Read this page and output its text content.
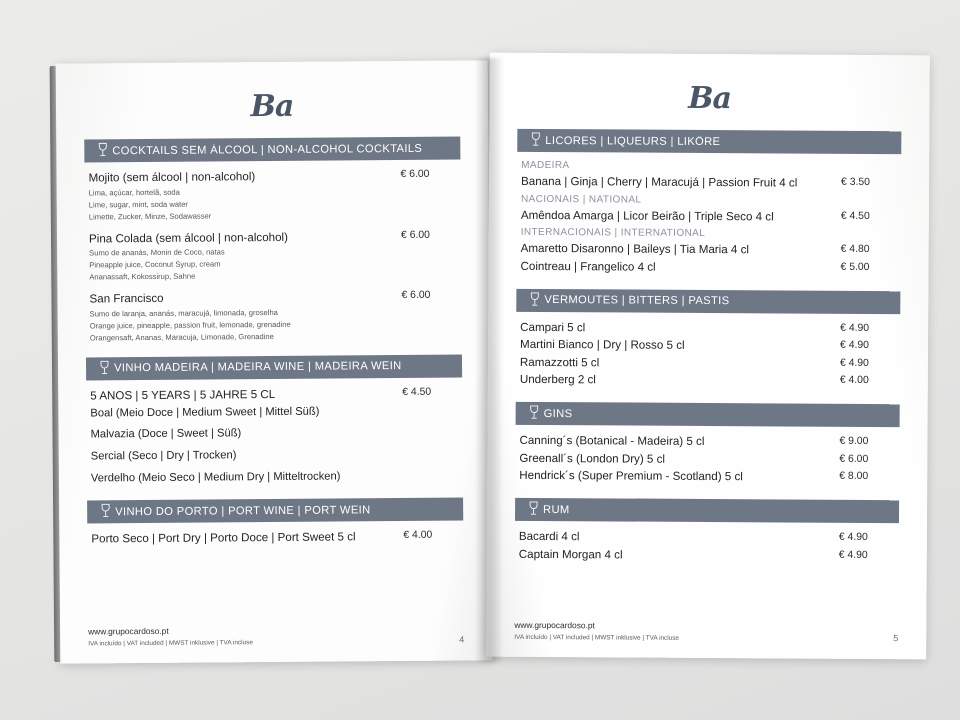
Ba
COCKTAILS SEM ÁLCOOL | NON-ALCOHOL COCKTAILS
Mojito (sem álcool | non-alcohol)
Lima, açúcar, hortelã, soda
Lime, sugar, mint, soda water
Limette, Zucker, Minze, Sodawasser
€ 6.00
Pina Colada (sem álcool | non-alcohol)
Sumo de ananás, Monin de Coco, natas
Pineapple juice, Coconut Syrup, cream
Ananassaft, Kokossirup, Sahne
€ 6.00
San Francisco
Sumo de laranja, ananás, maracujá, limonada, groselha
Orange juice, pineapple, passion fruit, lemonade, grenadine
Orangensaft, Ananas, Maracuja, Limonade, Grenadine
€ 6.00
VINHO MADEIRA | MADEIRA WINE | MADEIRA WEIN
5 ANOS | 5 YEARS | 5 JAHRE 5 CL	€ 4.50
Boal (Meio Doce | Medium Sweet | Mittel Süß)
Malvazia (Doce | Sweet | Süß)
Sercial (Seco | Dry | Trocken)
Verdelho (Meio Seco | Medium Dry | Mitteltrocken)
VINHO DO PORTO | PORT WINE | PORT WEIN
Porto Seco | Port Dry | Porto Doce | Port Sweet 5 cl	€ 4.00
www.grupocardoso.pt
IVA incluído | VAT included | MWST inklusive | TVA incluse	4
Ba
LICORES | LIQUEURS | LIKÖRE
MADEIRA
Banana | Ginja | Cherry | Maracujá | Passion Fruit 4 cl	€ 3.50
NACIONAIS | NATIONAL
Amêndoa Amarga | Licor Beirão | Triple Seco 4 cl	€ 4.50
INTERNACIONAIS | INTERNATIONAL
Amaretto Disaronno | Baileys | Tia Maria 4 cl	€ 4.80
Cointreau | Frangelico 4 cl	€ 5.00
VERMOUTES | BITTERS | PASTIS
Campari 5 cl	€ 4.90
Martini Bianco | Dry | Rosso 5 cl	€ 4.90
Ramazzotti 5 cl	€ 4.90
Underberg 2 cl	€ 4.00
GINS
Canning´s (Botanical - Madeira) 5 cl	€ 9.00
Greenall´s (London Dry) 5 cl	€ 6.00
Hendrick´s (Super Premium - Scotland) 5 cl	€ 8.00
RUM
Bacardi 4 cl	€ 4.90
Captain Morgan 4 cl	€ 4.90
www.grupocardoso.pt
IVA incluído | VAT included | MWST inklusive | TVA incluse	5
